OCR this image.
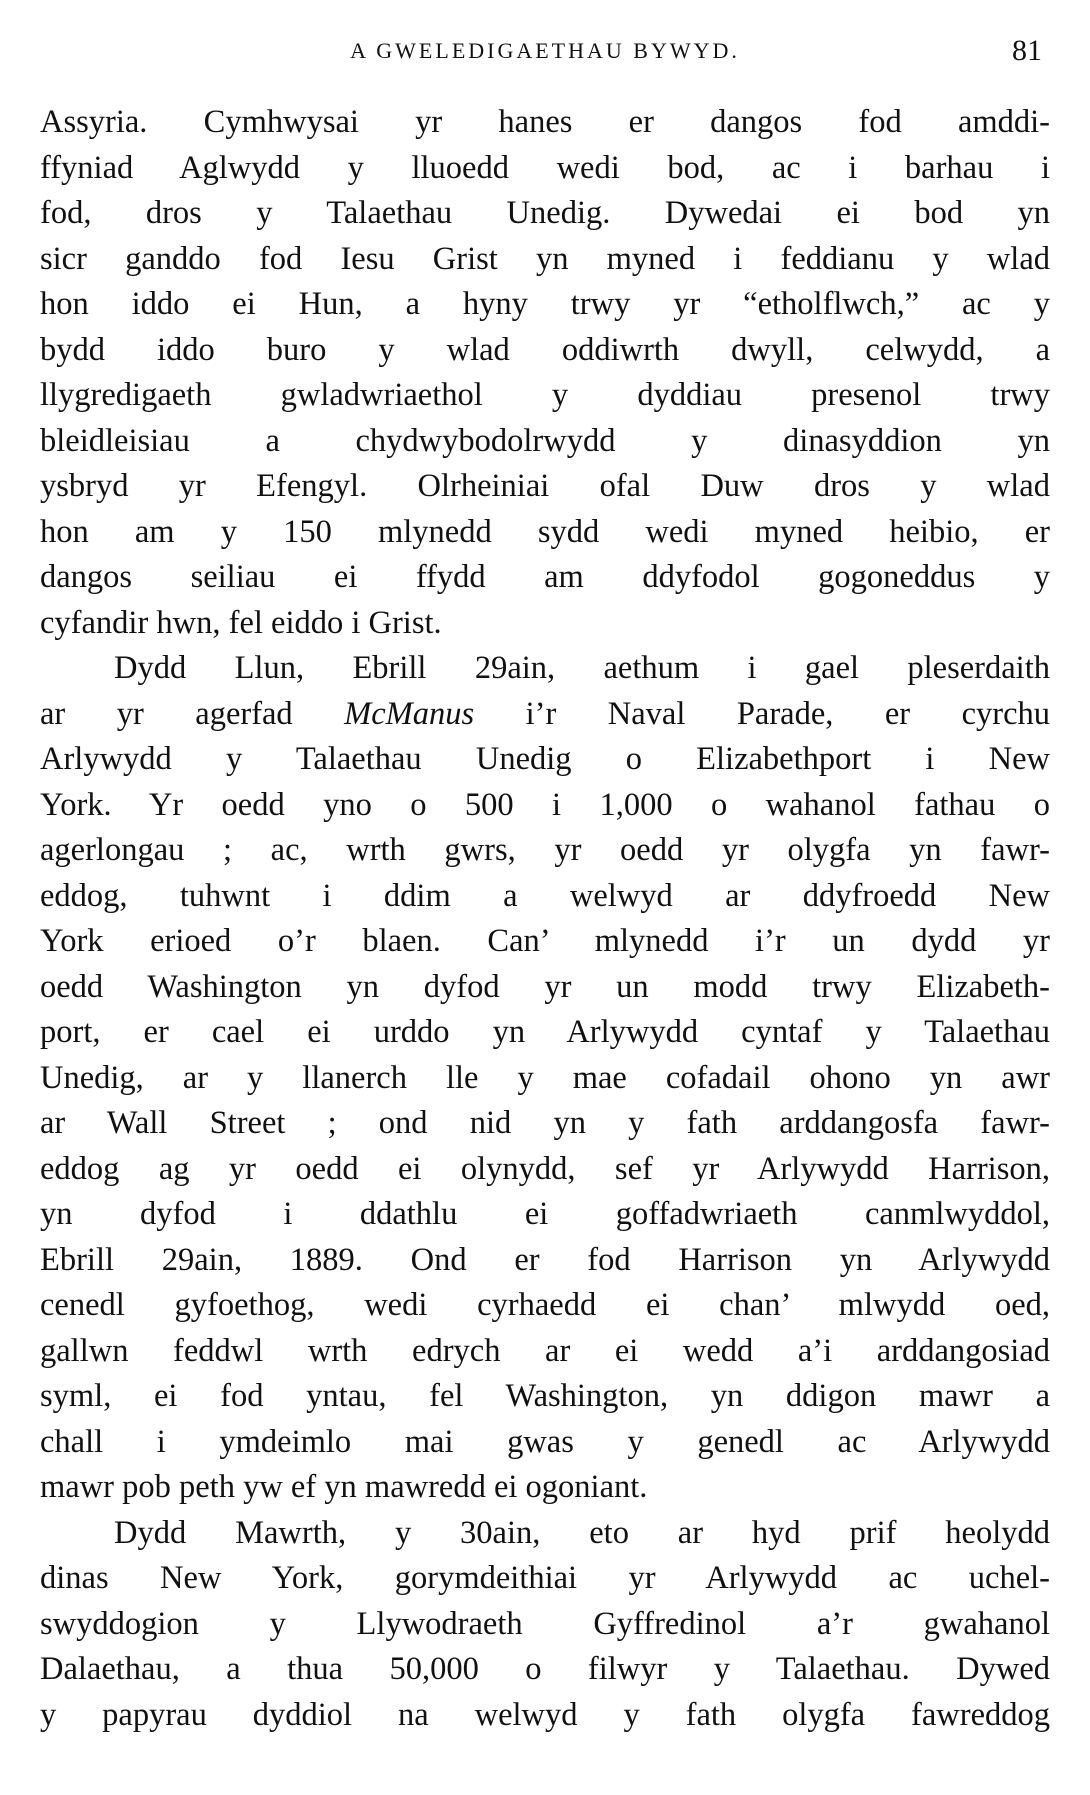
A GWELEDIGAETHAU BYWYD.	81
Assyria. Cymhwysai yr hanes er dangos fod amddi-
ffyniad Aglwydd y lluoedd wedi bod, ac i barhau i
fod, dros y Talaethau Unedig. Dywedai ei bod yn
sicr ganddo fod Iesu Grist yn myned i feddianu y wlad
hon iddo ei Hun, a hyny trwy yr “etholflwch,” ac y
bydd iddo buro y wlad oddiwrth dwyll, celwydd, a
llygredigaeth gwladwriaethol y dyddiau presenol trwy
bleidleisiau a chydwybodolrwydd y dinasyddion yn
ysbryd yr Efengyl. Olrheiniai ofal Duw dros y wlad
hon am y 150 mlynedd sydd wedi myned heibio, er
dangos seiliau ei ffydd am ddyfodol gogoneddus y
cyfandir hwn, fel eiddo i Grist.
Dydd Llun, Ebrill 29ain, aethum i gael pleserdaith
ar yr agerfad McManus i’r Naval Parade, er cyrchu
Arlywydd y Talaethau Unedig o Elizabethport i New
York. Yr oedd yno o 500 i 1,000 o wahanol fathau o
agerlongau ; ac, wrth gwrs, yr oedd yr olygfa yn fawr-
eddog, tuhwnt i ddim a welwyd ar ddyfroedd New
York erioed o’r blaen. Can’ mlynedd i’r un dydd yr
oedd Washington yn dyfod yr un modd trwy Elizabeth-
port, er cael ei urddo yn Arlywydd cyntaf y Talaethau
Unedig, ar y llanerch lle y mae cofadail ohono yn awr
ar Wall Street ; ond nid yn y fath arddangosfa fawr-
eddog ag yr oedd ei olynydd, sef yr Arlywydd Harrison,
yn dyfod i ddathlu ei goffadwriaeth canmlwyddol,
Ebrill 29ain, 1889. Ond er fod Harrison yn Arlywydd
cenedl gyfoethog, wedi cyrhaedd ei chan’ mlwydd oed,
gallwn feddwl wrth edrych ar ei wedd a’i arddangosiad
syml, ei fod yntau, fel Washington, yn ddigon mawr a
chall i ymdeimlo mai gwas y genedl ac Arlywydd
mawr pob peth yw ef yn mawredd ei ogoniant.
Dydd Mawrth, y 30ain, eto ar hyd prif heolydd
dinas New York, gorymdeithiai yr Arlywydd ac uchel-
swyddogion y Llywodraeth Gyffredinol a’r gwahanol
Dalaethau, a thua 50,000 o filwyr y Talaethau. Dywed
y papyrau dyddiol na welwyd y fath olygfa fawreddog
